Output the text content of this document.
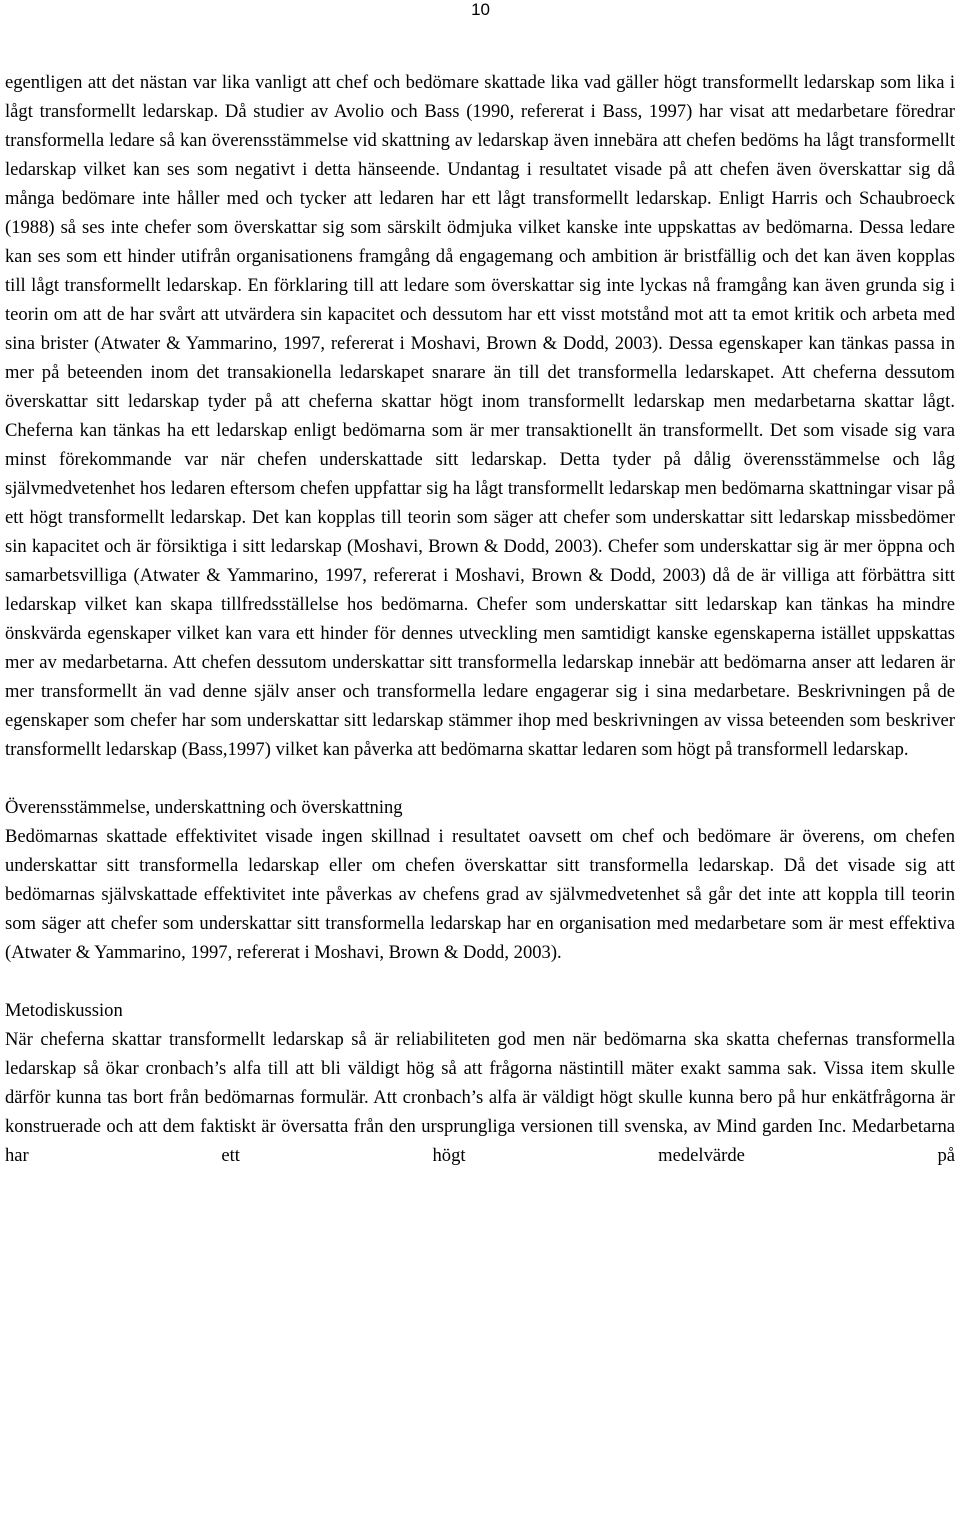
10

egentligen att det nästan var lika vanligt att chef och bedömare skattade lika vad gäller högt transformellt ledarskap som lika i lågt transformellt ledarskap. Då studier av Avolio och Bass (1990, refererat i Bass, 1997) har visat att medarbetare föredrar transformella ledare så kan överensstämmelse vid skattning av ledarskap även innebära att chefen bedöms ha lågt transformellt ledarskap vilket kan ses som negativt i detta hänseende. Undantag i resultatet visade på att chefen även överskattar sig då många bedömare inte håller med och tycker att ledaren har ett lågt transformellt ledarskap. Enligt Harris och Schaubroeck (1988) så ses inte chefer som överskattar sig som särskilt ödmjuka vilket kanske inte uppskattas av bedömarna. Dessa ledare kan ses som ett hinder utifrån organisationens framgång då engagemang och ambition är bristfällig och det kan även kopplas till lågt transformellt ledarskap. En förklaring till att ledare som överskattar sig inte lyckas nå framgång kan även grunda sig i teorin om att de har svårt att utvärdera sin kapacitet och dessutom har ett visst motstånd mot att ta emot kritik och arbeta med sina brister (Atwater & Yammarino, 1997, refererat i Moshavi, Brown & Dodd, 2003). Dessa egenskaper kan tänkas passa in mer på beteenden inom det transakionella ledarskapet snarare än till det transformella ledarskapet. Att cheferna dessutom överskattar sitt ledarskap tyder på att cheferna skattar högt inom transformellt ledarskap men medarbetarna skattar lågt. Cheferna kan tänkas ha ett ledarskap enligt bedömarna som är mer transaktionellt än transformellt. Det som visade sig vara minst förekommande var när chefen underskattade sitt ledarskap. Detta tyder på dålig överensstämmelse och låg självmedvetenhet hos ledaren eftersom chefen uppfattar sig ha lågt transformellt ledarskap men bedömarna skattningar visar på ett högt transformellt ledarskap. Det kan kopplas till teorin som säger att chefer som underskattar sitt ledarskap missbedömer sin kapacitet och är försiktiga i sitt ledarskap (Moshavi, Brown & Dodd, 2003). Chefer som underskattar sig är mer öppna och samarbetsvilliga (Atwater & Yammarino, 1997, refererat i Moshavi, Brown & Dodd, 2003) då de är villiga att förbättra sitt ledarskap vilket kan skapa tillfredsställelse hos bedömarna. Chefer som underskattar sitt ledarskap kan tänkas ha mindre önskvärda egenskaper vilket kan vara ett hinder för dennes utveckling men samtidigt kanske egenskaperna istället uppskattas mer av medarbetarna. Att chefen dessutom underskattar sitt transformella ledarskap innebär att bedömarna anser att ledaren är mer transformellt än vad denne själv anser och transformella ledare engagerar sig i sina medarbetare. Beskrivningen på de egenskaper som chefer har som underskattar sitt ledarskap stämmer ihop med beskrivningen av vissa beteenden som beskriver transformellt ledarskap (Bass,1997) vilket kan påverka att bedömarna skattar ledaren som högt på transformell ledarskap.

Överensstämmelse, underskattning och överskattning

Bedömarnas skattade effektivitet visade ingen skillnad i resultatet oavsett om chef och bedömare är överens, om chefen underskattar sitt transformella ledarskap eller om chefen överskattar sitt transformella ledarskap. Då det visade sig att bedömarnas självskattade effektivitet inte påverkas av chefens grad av självmedvetenhet så går det inte att koppla till teorin som säger att chefer som underskattar sitt transformella ledarskap har en organisation med medarbetare som är mest effektiva (Atwater & Yammarino, 1997, refererat i Moshavi, Brown & Dodd, 2003).

Metodiskussion

När cheferna skattar transformellt ledarskap så är reliabiliteten god men när bedömarna ska skatta chefernas transformella ledarskap så ökar cronbach’s alfa till att bli väldigt hög så att frågorna nästintill mäter exakt samma sak. Vissa item skulle därför kunna tas bort från bedömarnas formulär. Att cronbach’s alfa är väldigt högt skulle kunna bero på hur enkätfrågorna är konstruerade och att dem faktiskt är översatta från den ursprungliga versionen till svenska, av Mind garden Inc. Medarbetarna har ett högt medelvärde på
